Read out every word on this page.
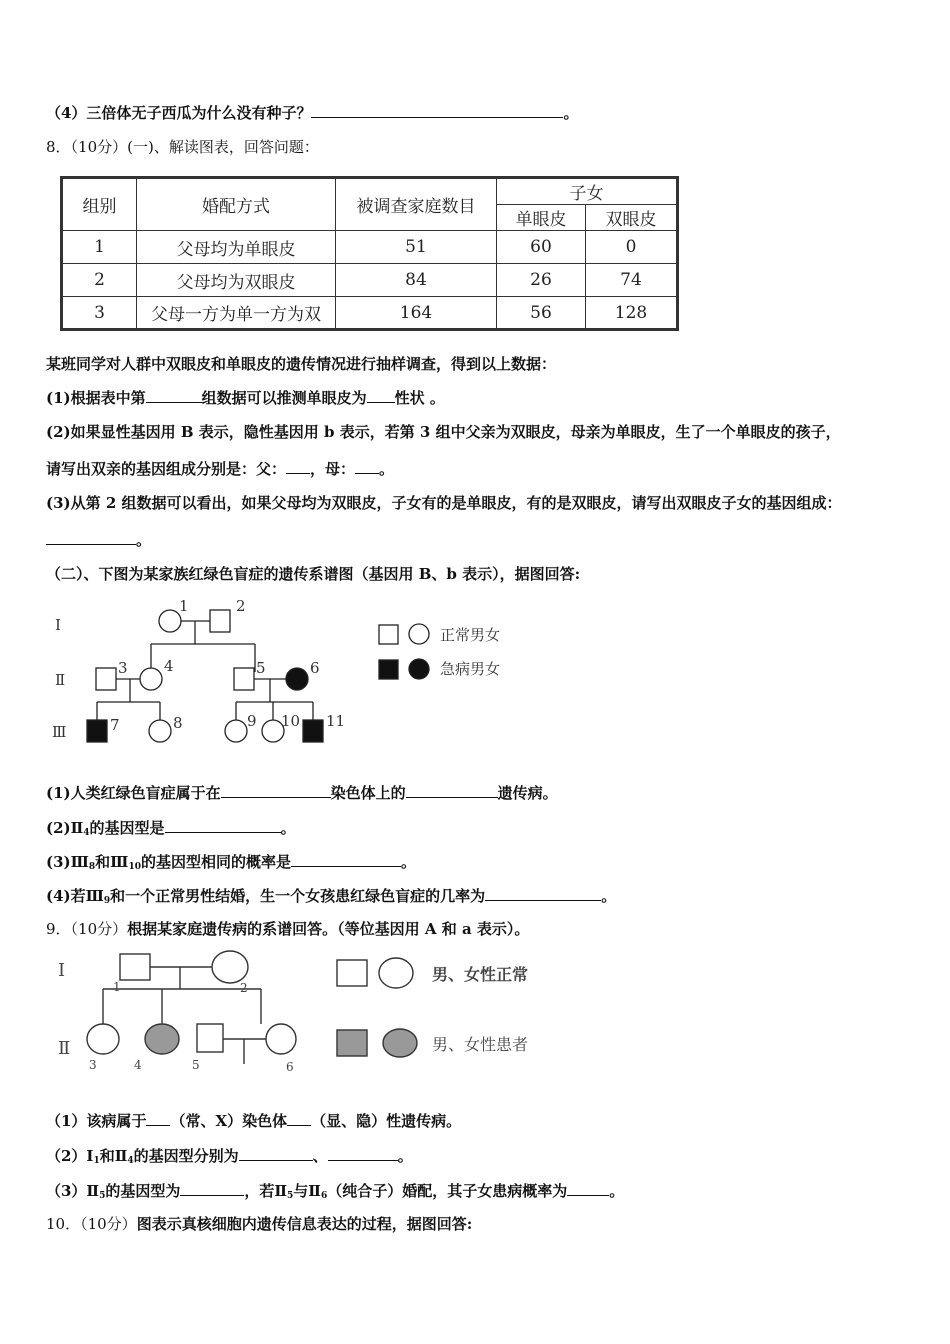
（4）三倍体无子西瓜为什么没有种子？	。
8．（10分）(一)、解读图表，回答问题：
组别	婚配方式	被调查家庭数目	子女	
			单眼皮	双眼皮
1	父母均为单眼皮	51	60	0
2	父母均为双眼皮	84	26	74
3	父母一方为单一方为双	164	56	128
某班同学对人群中双眼皮和单眼皮的遗传情况进行抽样调查，得到以上数据：
(1)根据表中第	组数据可以推测单眼皮为 性状 。
(2)如果显性基因用 B 表示，隐性基因用 b 表示，若第 3 组中父亲为双眼皮，母亲为单眼皮，生了一个单眼皮的孩子，
请写出双亲的基因组成分别是：父： ，母： 。
(3)从第 2 组数据可以看出，如果父母均为双眼皮，子女有的是单眼皮，有的是双眼皮，请写出双眼皮子女的基因组成：
。
（二）、下图为某家族红绿色盲症的遗传系谱图（基因用 B、b 表示），据图回答:
Ⅰ
Ⅱ
Ⅲ
1	2
3 4	5	6
7	8	9 10 11
正常男女
急病男女
(1)人类红绿色盲症属于在	染色体上的	遗传病。
$(2)Ⅱ_4$的基因型是	。
$(3)Ⅲ_8$和$Ⅲ_{10}$的基因型相同的概率是	。
(4)若$Ⅲ_9$和一个正常男性结婚，生一个女孩患红绿色盲症的几率为	。
9．（10分）根据某家庭遗传病的系谱回答。（等位基因用 A 和 a 表示）。
Ⅰ
Ⅱ
1	2
3	4	5	6
男、女性正常
男、女性患者
（1）该病属于 （常、X）染色体 （显、隐）性遗传病。
$(2)Ⅰ_1$和$Ⅱ_4$的基因型分别为	、	。
$(3)Ⅱ_5$的基因型为	，若$Ⅱ_5$与$Ⅱ_6$（纯合子）婚配，其子女患病概率为	。
10．（10分）图表示真核细胞内遗传信息表达的过程，据图回答:
